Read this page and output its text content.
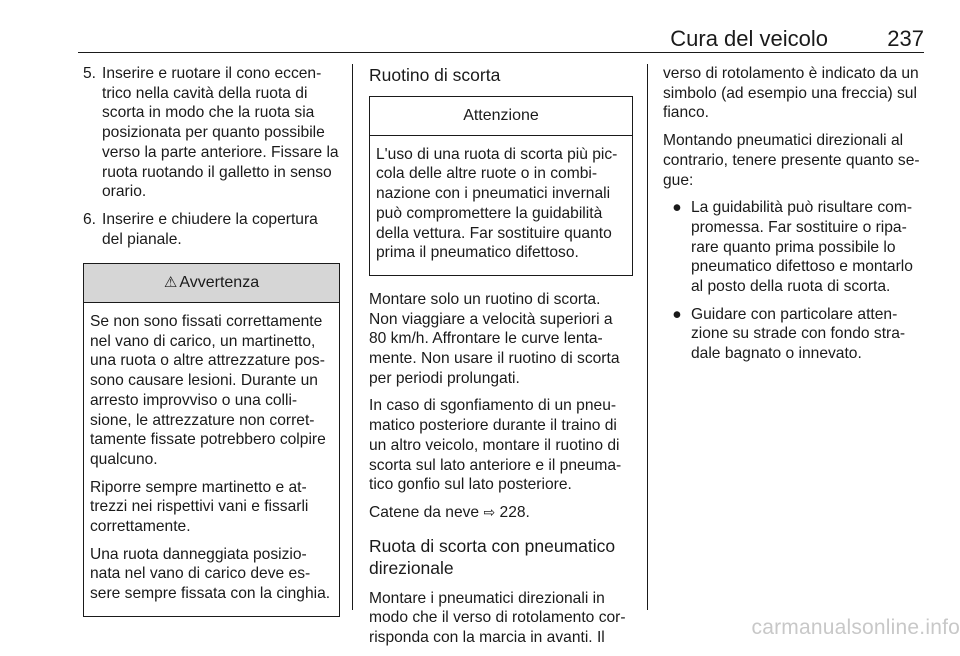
Cura del veicolo	237
5. Inserire e ruotare il cono eccen-trico nella cavità della ruota di scorta in modo che la ruota sia posizionata per quanto possibile verso la parte anteriore. Fissare la ruota ruotando il galletto in senso orario.
6. Inserire e chiudere la copertura del pianale.
⚠ Avvertenza

Se non sono fissati correttamente nel vano di carico, un martinetto, una ruota o altre attrezzature pos-sono causare lesioni. Durante un arresto improvviso o una colli-sione, le attrezzature non corret-tamente fissate potrebbero colpire qualcuno.

Riporre sempre martinetto e at-trezzi nei rispettivi vani e fissarli correttamente.

Una ruota danneggiata posizio-nata nel vano di carico deve es-sere sempre fissata con la cinghia.

Ruotino di scorta
Attenzione

L'uso di una ruota di scorta più pic-cola delle altre ruote o in combi-nazione con i pneumatici invernali può compromettere la guidabilità della vettura. Far sostituire quanto prima il pneumatico difettoso.

Montare solo un ruotino di scorta. Non viaggiare a velocità superiori a 80 km/h. Affrontare le curve lenta-mente. Non usare il ruotino di scorta per periodi prolungati.

In caso di sgonfiamento di un pneu-matico posteriore durante il traino di un altro veicolo, montare il ruotino di scorta sul lato anteriore e il pneuma-tico gonfio sul lato posteriore.

Catene da neve ⇨ 228.

Ruota di scorta con pneumatico direzionale

Montare i pneumatici direzionali in modo che il verso di rotolamento cor-risponda con la marcia in avanti. Il

verso di rotolamento è indicato da un simbolo (ad esempio una freccia) sul fianco.

Montando pneumatici direzionali al contrario, tenere presente quanto se-gue:

● La guidabilità può risultare com-promessa. Far sostituire o ripa-rare quanto prima possibile lo pneumatico difettoso e montarlo al posto della ruota di scorta.
● Guidare con particolare atten-zione su strade con fondo stra-dale bagnato o innevato.
carmanualsonline.info
